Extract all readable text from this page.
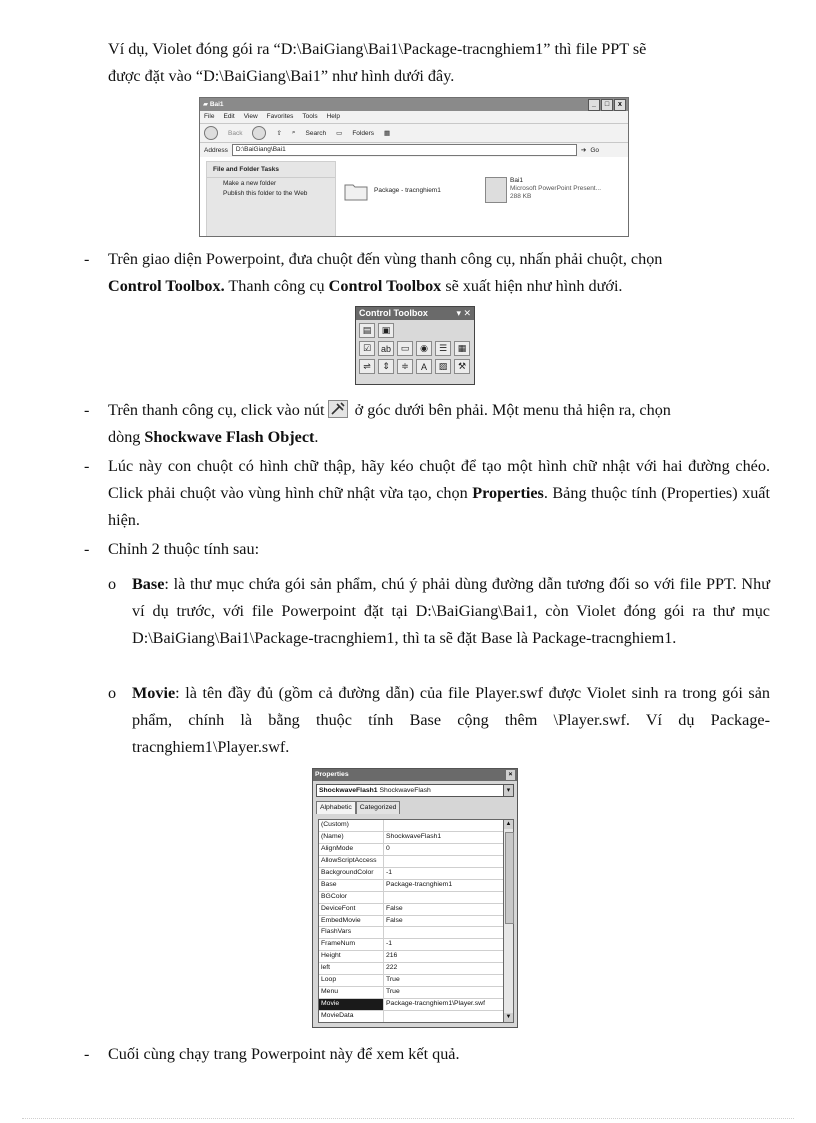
Ví dụ, Violet đóng gói ra “D:\BaiGiang\Bai1\Package-tracnghiem1” thì file PPT sẽ

được đặt vào “D:\BaiGiang\Bai1” như hình dưới đây.

▰ Bai1	_	□	x
File Edit View Favorites Tools Help
Back	⇧ ⌕ Search ▭ Folders ▦
Address	D:\BaiGiang\Bai1	➔ Go
File and Folder Tasks
Make a new folder
Publish this folder to the Web	Package - tracnghiem1
Bai1
Microsoft PowerPoint Present...
288 KB
- Trên giao diện Powerpoint, đưa chuột đến vùng thanh công cụ, nhấn phải chuột, chọn
Control Toolbox. Thanh công cụ Control Toolbox sẽ xuất hiện như hình dưới.

Control Toolbox	▾ ✕
▤	▣
☑	ab	▭	◉	☰	▦
⇌	⇕	≑	A	▨	⚒
- Trên thanh công cụ, click vào nút ở góc dưới bên phải. Một menu thả hiện ra, chọn
dòng Shockwave Flash Object.

- Lúc này con chuột có hình chữ thập, hãy kéo chuột để tạo một hình chữ nhật với hai đường chéo. Click phải chuột vào vùng hình chữ nhật vừa tạo, chọn Properties. Bảng thuộc tính (Properties) xuất hiện.

- Chỉnh 2 thuộc tính sau:

o Base: là thư mục chứa gói sản phẩm, chú ý phải dùng đường dẫn tương đối so với file PPT. Như ví dụ trước, với file Powerpoint đặt tại D:\BaiGiang\Bai1, còn Violet đóng gói ra thư mục D:\BaiGiang\Bai1\Package-tracnghiem1, thì ta sẽ đặt Base là Package-tracnghiem1.

o Movie: là tên đầy đủ (gồm cả đường dẫn) của file Player.swf được Violet sinh ra trong gói sản phẩm, chính là bằng thuộc tính Base cộng thêm \Player.swf. Ví dụ Package-tracnghiem1\Player.swf.

Properties	×
ShockwaveFlash1 ShockwaveFlash	▾
Alphabetic	Categorized
(Custom)
(Name)	ShockwaveFlash1
AlignMode	0
AllowScriptAccess
BackgroundColor	-1
Base	Package-tracnghiem1
BGColor
DeviceFont	False
EmbedMovie	False
FlashVars
FrameNum	-1
Height	216
left	222
Loop	True
Menu	True
Movie	Package-tracnghiem1\Player.swf
MovieData
▲
▼
- Cuối cùng chạy trang Powerpoint này để xem kết quả.
